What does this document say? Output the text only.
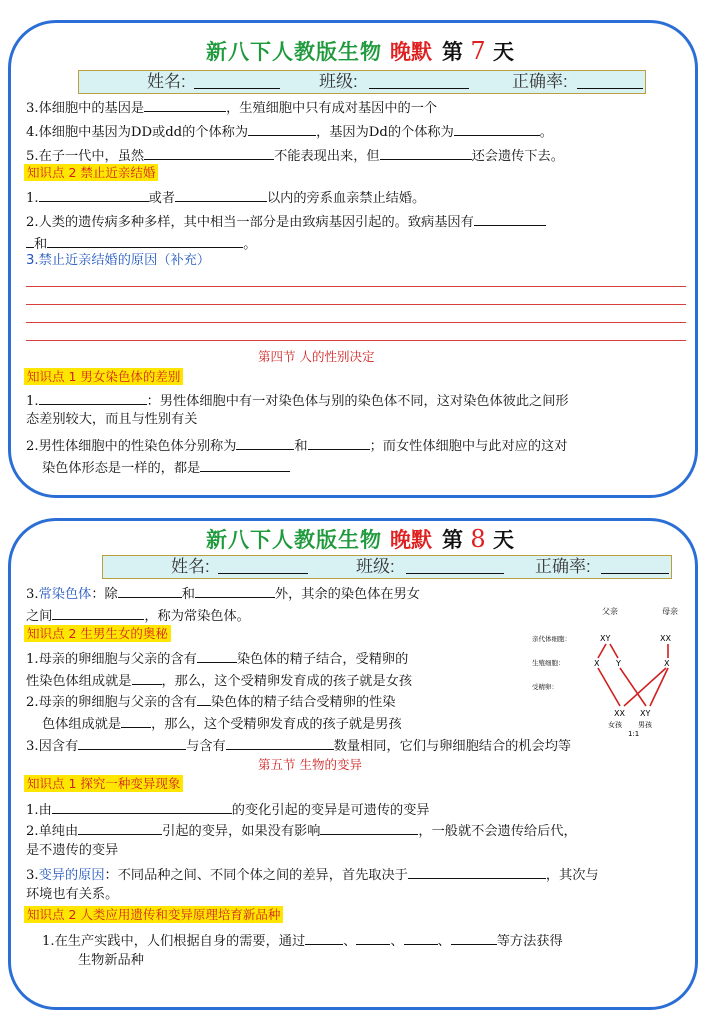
新八下人教版生物 晚默 第 7 天
姓名:	班级:	正确率:
3.体细胞中的基因是	，生殖细胞中只有成对基因中的一个
4.体细胞中基因为DD或dd的个体称为	，基因为Dd的个体称为	。
5.在子一代中，虽然	不能表现出来，但	还会遗传下去。
知识点 2 禁止近亲结婚
1.	或者	以内的旁系血亲禁止结婚。
2.人类的遗传病多种多样，其中相当一部分是由致病基因引起的。致病基因有
和	。
3.禁止近亲结婚的原因（补充）
第四节 人的性别决定
知识点 1 男女染色体的差别
1.	：男性体细胞中有一对染色体与别的染色体不同，这对染色体彼此之间形
态差别较大，而且与性别有关
2.男性体细胞中的性染色体分别称为	和	；而女性体细胞中与此对应的这对
染色体形态是一样的，都是
新八下人教版生物 晚默 第 8 天
姓名:	班级:	正确率:
3.常染色体：除	和	外，其余的染色体在男女
之间	，称为常染色体。
知识点 2 生男生女的奥秘
1.母亲的卵细胞与父亲的含有	染色体的精子结合，受精卵的
性染色体组成就是 ，那么，这个受精卵发育成的孩子就是女孩
2.母亲的卵细胞与父亲的含有 染色体的精子结合受精卵的性染
色体组成就是 ，那么，这个受精卵发育成的孩子就是男孩
3.因含有	与含有	数量相同，它们与卵细胞结合的机会均等
第五节 生物的变异
知识点 1 探究一种变异现象
1.由	的变化引起的变异是可遗传的变异
2.单纯由	引起的变异，如果没有影响	，一般就不会遗传给后代，
是不遗传的变异
3.变异的原因：不同品种之间、不同个体之间的差异，首先取决于	，其次与
环境也有关系。
知识点 2 人类应用遗传和变异原理培育新品种
1.在生产实践中，人们根据自身的需要，通过	、	、	、	等方法获得
生物新品种
父亲	母亲
亲代体细胞：
生殖细胞：
受精卵：
XY	XX
X Y	X
XX XY
女孩 男孩
1:1
